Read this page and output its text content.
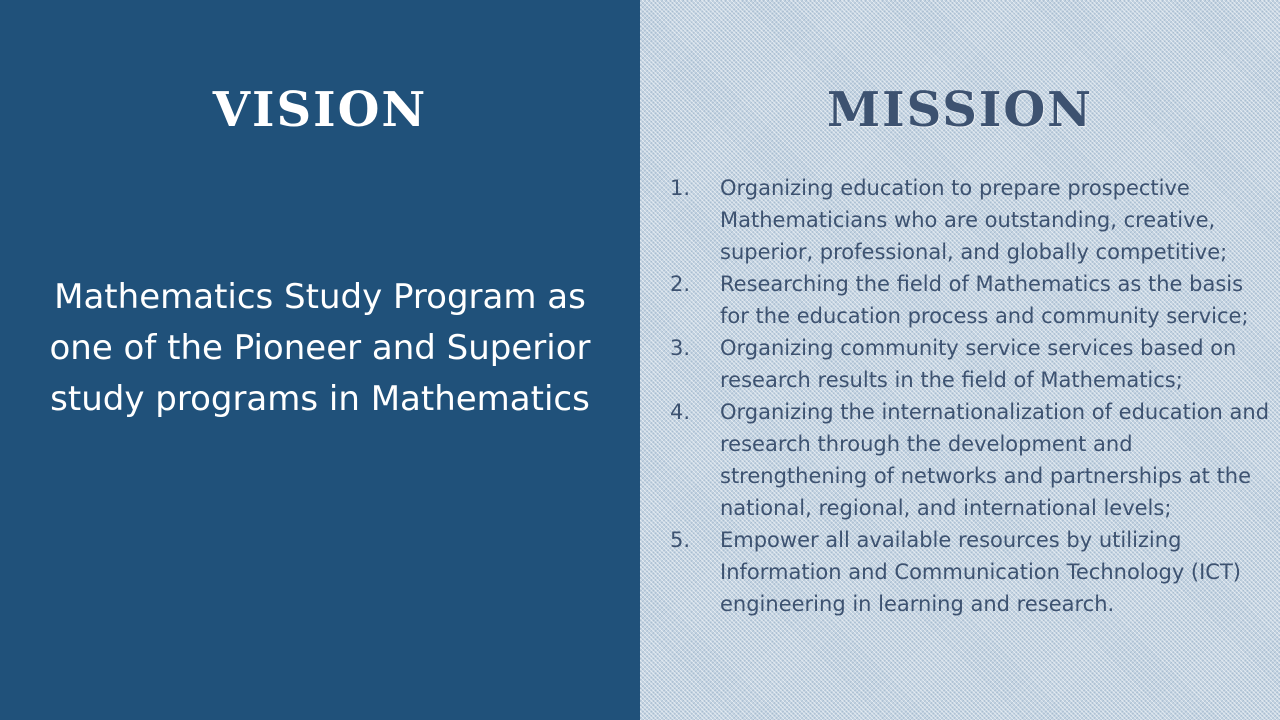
VISION
Mathematics Study Program as one of the Pioneer and Superior study programs in Mathematics
MISSION
1.	Organizing education to prepare prospective Mathematicians who are outstanding, creative, superior, professional, and globally competitive;
2.	Researching the field of Mathematics as the basis for the education process and community service;
3.	Organizing community service services based on research results in the field of Mathematics;
4.	Organizing the internationalization of education and research through the development and strengthening of networks and partnerships at the national, regional, and international levels;
5.	Empower all available resources by utilizing Information and Communication Technology (ICT) engineering in learning and research.
